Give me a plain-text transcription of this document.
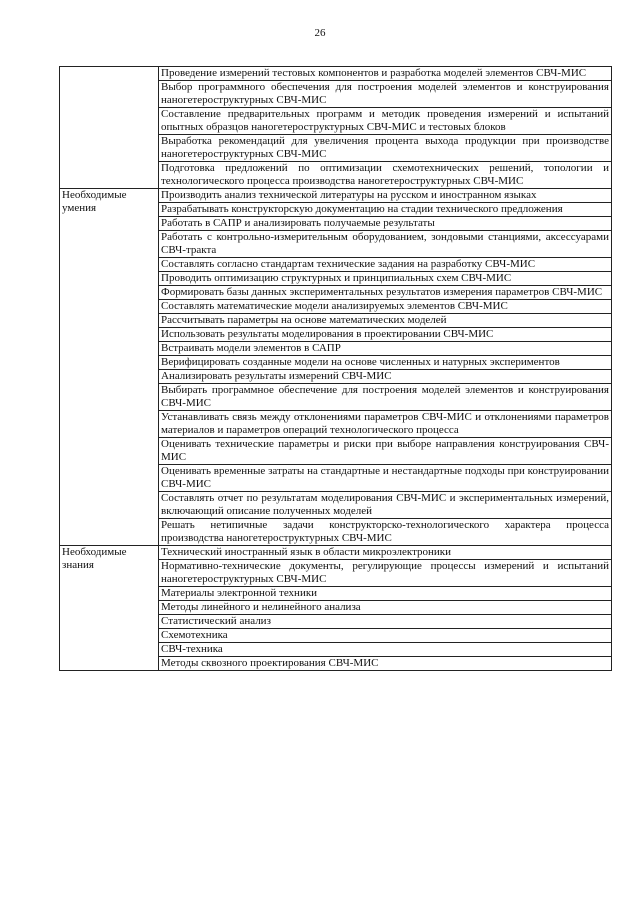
26

	Проведение измерений тестовых компонентов и разработка моделей элементов СВЧ-МИС

	Выбор программного обеспечения для построения моделей элементов и конструирования наногетероструктурных СВЧ-МИС

	Составление предварительных программ и методик проведения измерений и испытаний опытных образцов наногетероструктурных СВЧ-МИС и тестовых блоков

	Выработка рекомендаций для увеличения процента выхода продукции при производстве наногетероструктурных СВЧ-МИС

	Подготовка предложений по оптимизации схемотехнических решений, топологии и технологического процесса производства наногетероструктурных СВЧ-МИС

Необходимые умения	Производить анализ технической литературы на русском и иностранном языках

	Разрабатывать конструкторскую документацию на стадии технического предложения

	Работать в САПР и анализировать получаемые результаты

	Работать с контрольно-измерительным оборудованием, зондовыми станциями, аксессуарами СВЧ-тракта

	Составлять согласно стандартам технические задания на разработку СВЧ-МИС

	Проводить оптимизацию структурных и принципиальных схем СВЧ-МИС

	Формировать базы данных экспериментальных результатов измерения параметров СВЧ-МИС

	Составлять математические модели анализируемых элементов СВЧ-МИС

	Рассчитывать параметры на основе математических моделей

	Использовать результаты моделирования в проектировании СВЧ-МИС

	Встраивать модели элементов в САПР

	Верифицировать созданные модели на основе численных и натурных экспериментов

	Анализировать результаты измерений СВЧ-МИС

	Выбирать программное обеспечение для построения моделей элементов и конструирования СВЧ-МИС

	Устанавливать связь между отклонениями параметров СВЧ-МИС и отклонениями параметров материалов и параметров операций технологического процесса

	Оценивать технические параметры и риски при выборе направления конструирования СВЧ-МИС

	Оценивать временные затраты на стандартные и нестандартные подходы при конструировании СВЧ-МИС

	Составлять отчет по результатам моделирования СВЧ-МИС и экспериментальных измерений, включающий описание полученных моделей

	Решать нетипичные задачи конструкторско-технологического характера процесса производства наногетероструктурных СВЧ-МИС

Необходимые знания	Технический иностранный язык в области микроэлектроники

	Нормативно-технические документы, регулирующие процессы измерений и испытаний наногетероструктурных СВЧ-МИС

	Материалы электронной техники

	Методы линейного и нелинейного анализа

	Статистический анализ

	Схемотехника

	СВЧ-техника

	Методы сквозного проектирования СВЧ-МИС
